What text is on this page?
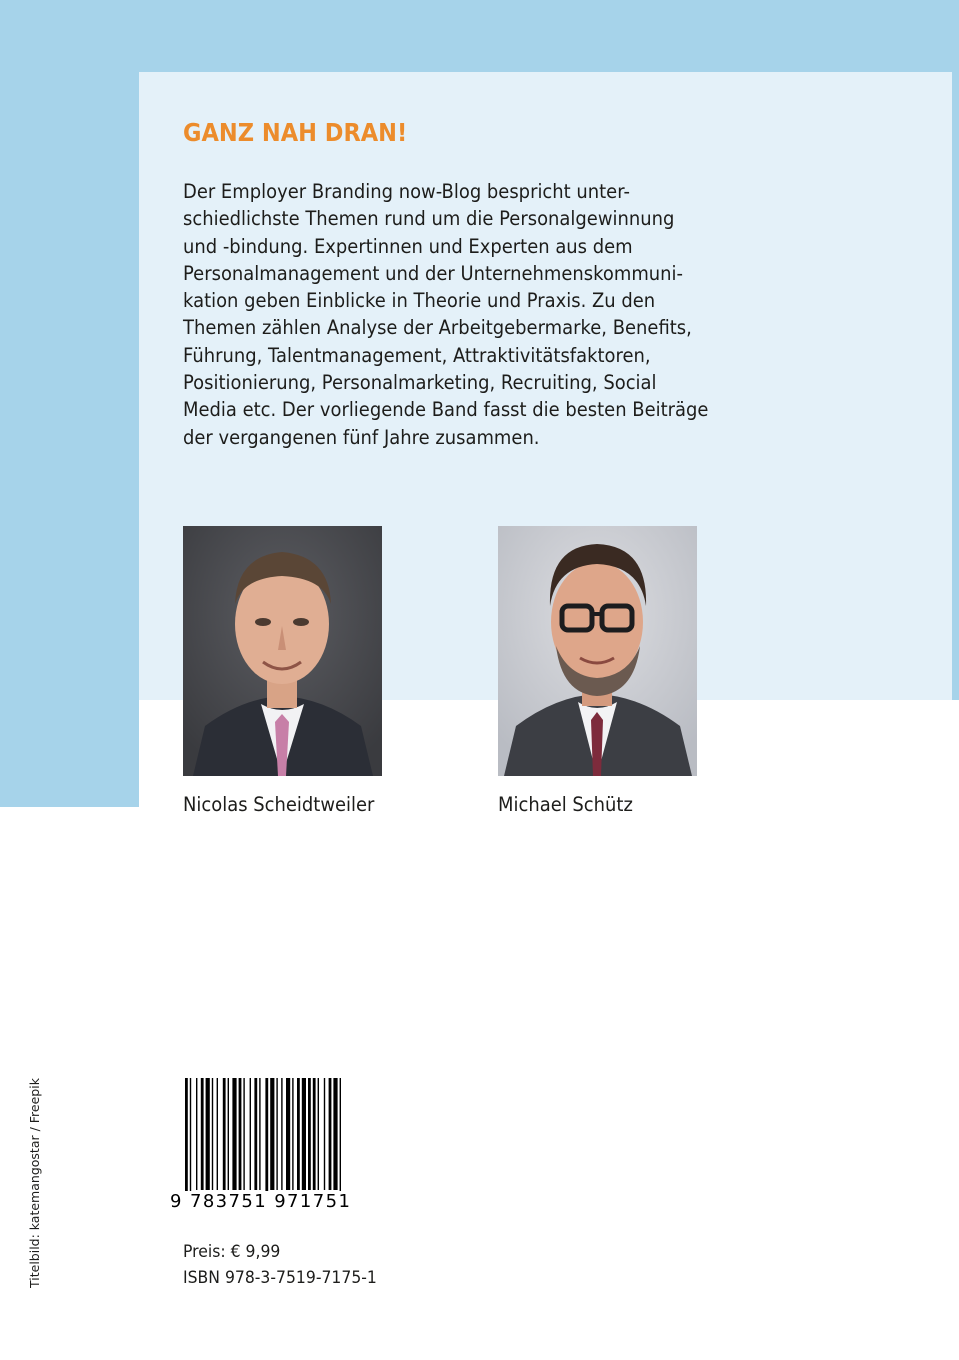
GANZ NAH DRAN!

Der Employer Branding now-Blog bespricht unter-
schiedlichste Themen rund um die Personalgewinnung
und -bindung. Expertinnen und Experten aus dem
Personalmanagement und der Unternehmenskommuni-
kation geben Einblicke in Theorie und Praxis. Zu den
Themen zählen Analyse der Arbeitgebermarke, Benefits,
Führung, Talentmanagement, Attraktivitätsfaktoren,
Positionierung, Personalmarketing, Recruiting, Social
Media etc. Der vorliegende Band fasst die besten Beiträge
der vergangenen fünf Jahre zusammen.

Nicolas Scheidtweiler	Michael Schütz

9 783751 971751

Preis: € 9,99

ISBN 978-3-7519-7175-1

Titelbild: katemangostar / Freepik
